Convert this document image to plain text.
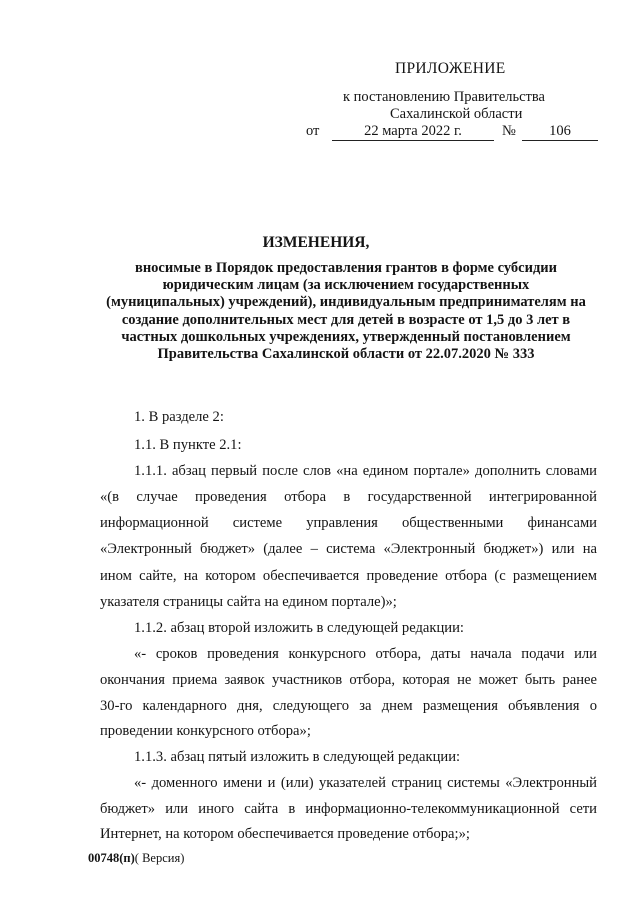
ПРИЛОЖЕНИЕ
к постановлению Правительства
Сахалинской области
от	22 марта 2022 г.	№	106
ИЗМЕНЕНИЯ,
вносимые в Порядок предоставления грантов в форме субсидии
юридическим лицам (за исключением государственных
(муниципальных) учреждений), индивидуальным предпринимателям на
создание дополнительных мест для детей в возрасте от 1,5 до 3 лет в
частных дошкольных учреждениях, утвержденный постановлением
Правительства Сахалинской области от 22.07.2020 № 333
1. В разделе 2:
1.1. В пункте 2.1:
1.1.1. абзац первый после слов «на едином портале» дополнить словами
«(в случае проведения отбора в государственной интегрированной
информационной системе управления общественными финансами
«Электронный бюджет» (далее – система «Электронный бюджет») или на
ином сайте, на котором обеспечивается проведение отбора (с размещением
указателя страницы сайта на едином портале)»;
1.1.2. абзац второй изложить в следующей редакции:
«- сроков проведения конкурсного отбора, даты начала подачи или
окончания приема заявок участников отбора, которая не может быть ранее
30-го календарного дня, следующего за днем размещения объявления о
проведении конкурсного отбора»;
1.1.3. абзац пятый изложить в следующей редакции:
«- доменного имени и (или) указателей страниц системы «Электронный
бюджет» или иного сайта в информационно-телекоммуникационной сети
Интернет, на котором обеспечивается проведение отбора;»;
00748(п)( Версия)
